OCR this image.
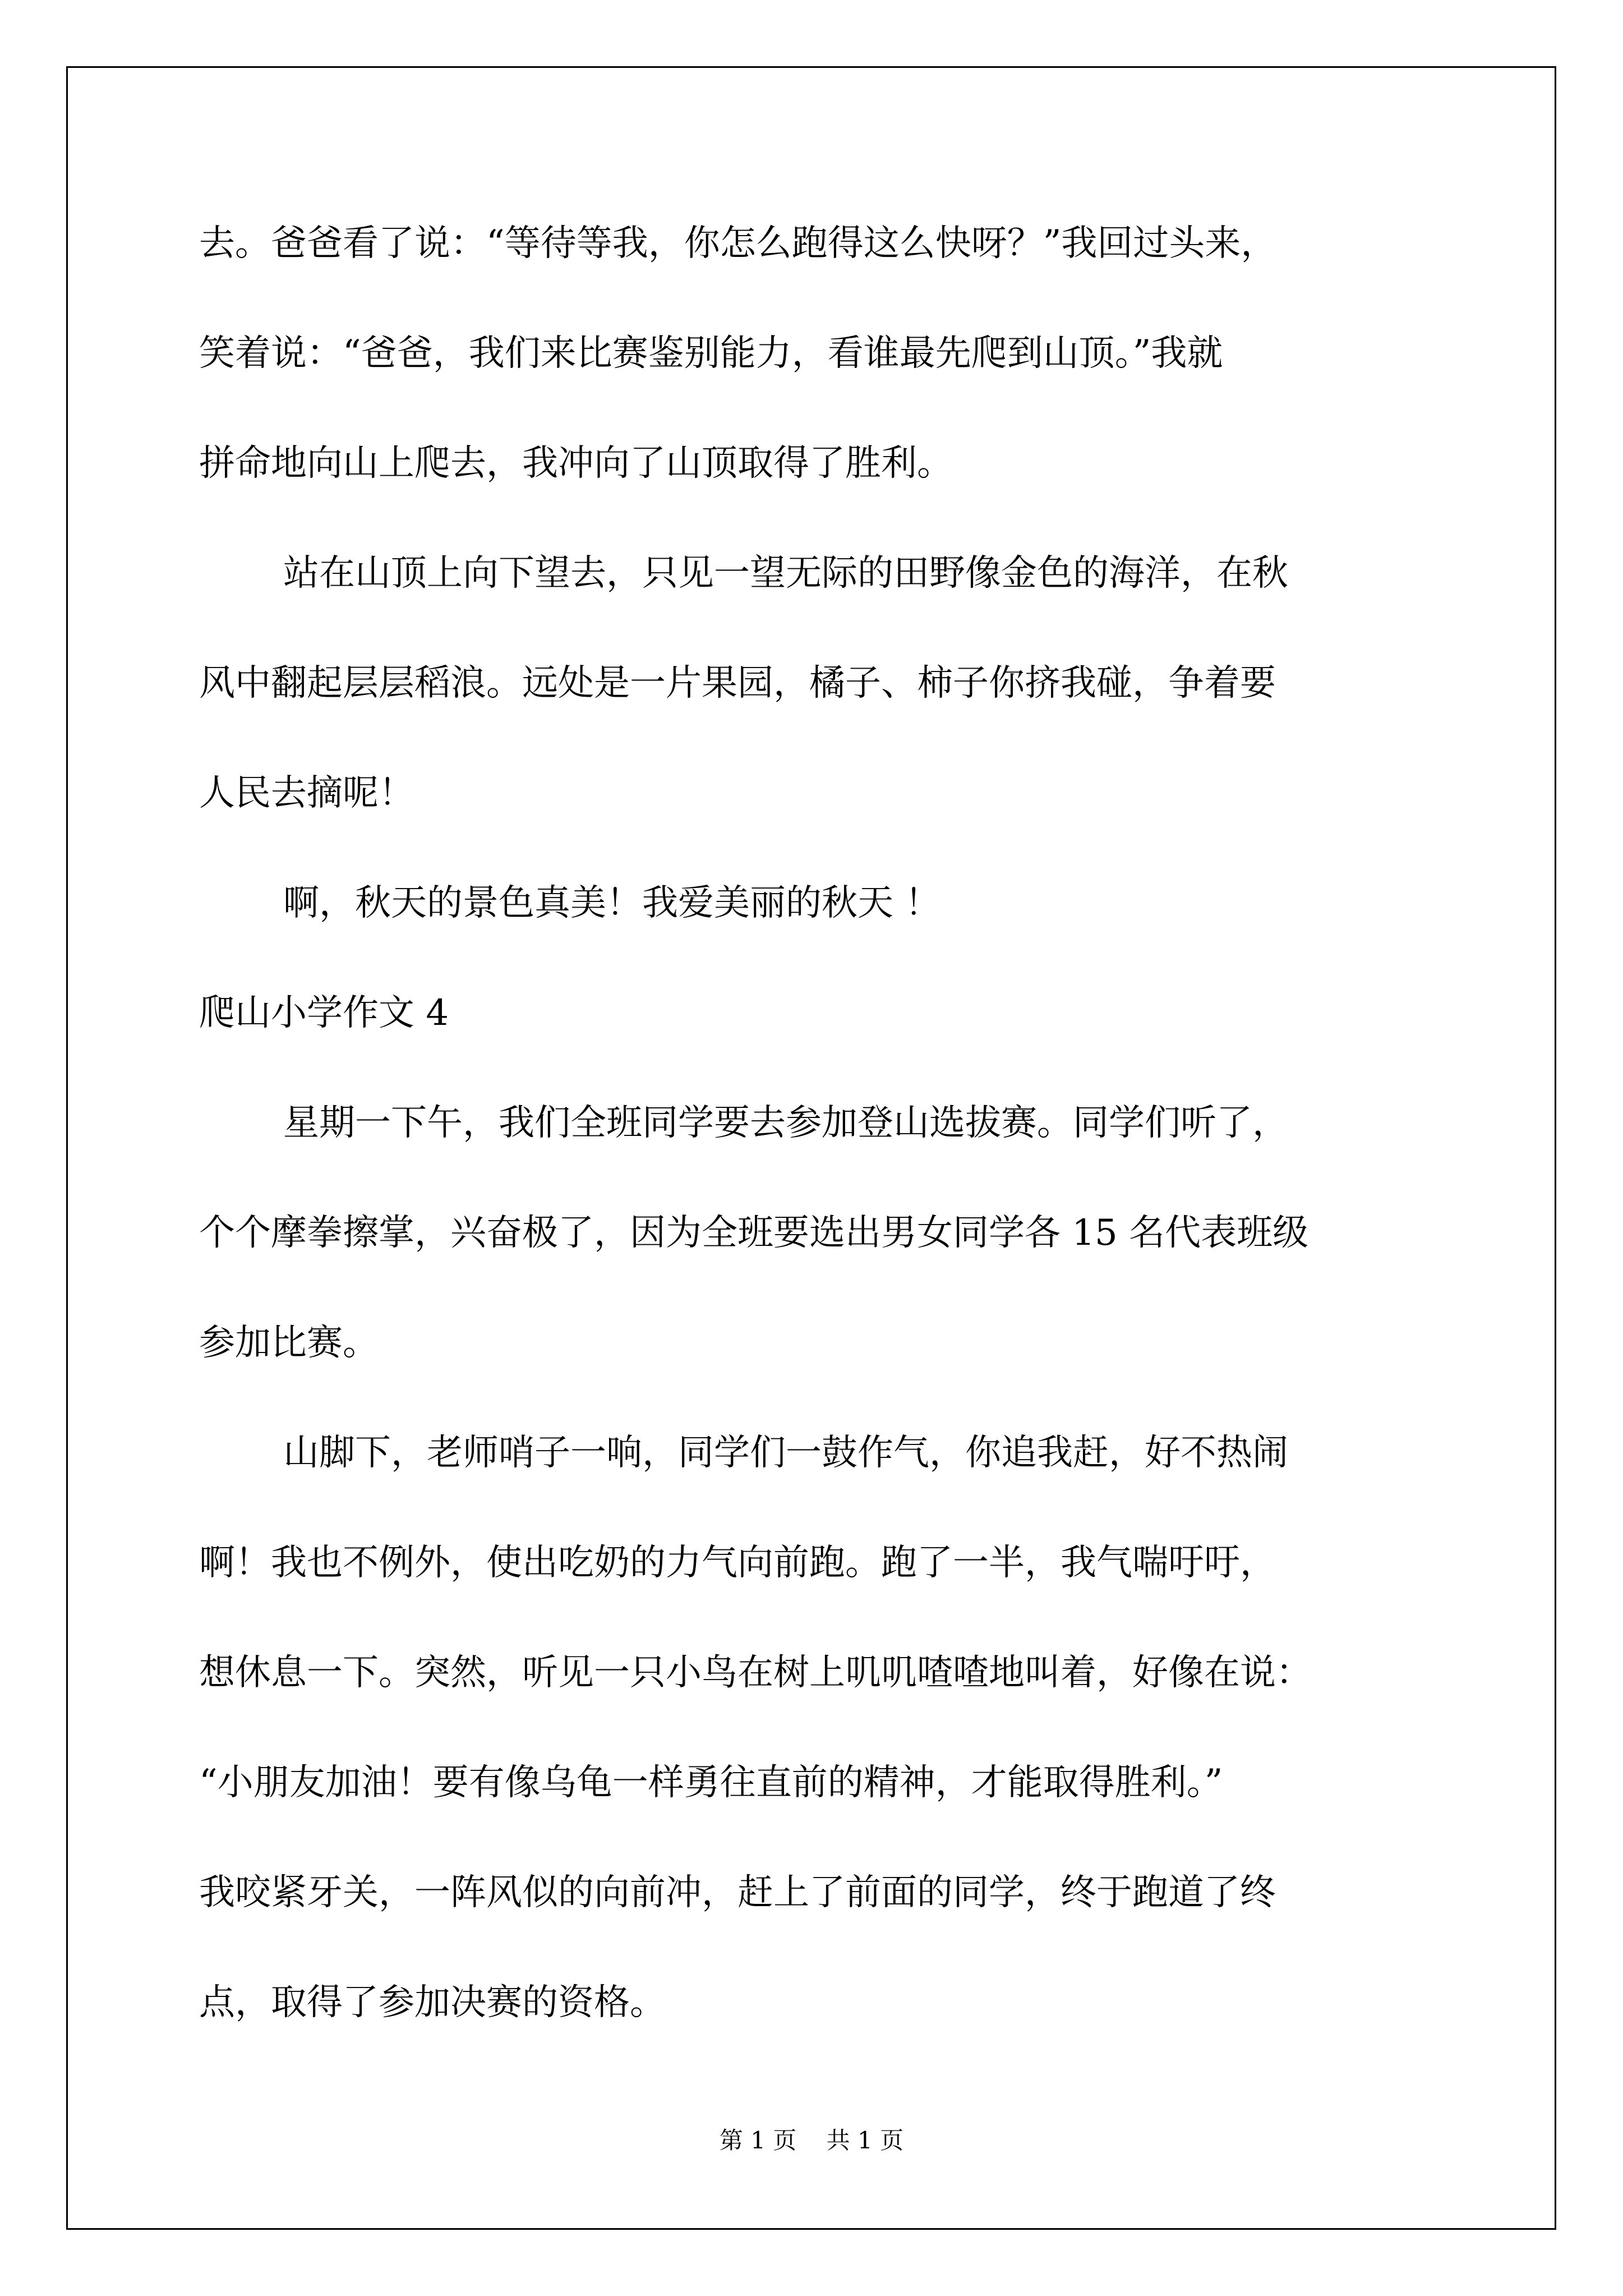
去。爸爸看了说：“等待等我，你怎么跑得这么快呀？”我回过头来，

笑着说：“爸爸，我们来比赛鉴别能力，看谁最先爬到山顶。”我就

拼命地向山上爬去，我冲向了山顶取得了胜利。

站在山顶上向下望去，只见一望无际的田野像金色的海洋，在秋

风中翻起层层稻浪。远处是一片果园，橘子、柿子你挤我碰，争着要

人民去摘呢！

啊，秋天的景色真美！我爱美丽的秋天 ！

爬山小学作文 4

星期一下午，我们全班同学要去参加登山选拔赛。同学们听了，

个个摩拳擦掌，兴奋极了，因为全班要选出男女同学各 15 名代表班级

参加比赛。

山脚下，老师哨子一响，同学们一鼓作气，你追我赶，好不热闹

啊！我也不例外，使出吃奶的力气向前跑。跑了一半，我气喘吁吁，

想休息一下。突然，听见一只小鸟在树上叽叽喳喳地叫着，好像在说：

“小朋友加油！要有像乌龟一样勇往直前的精神，才能取得胜利。”

我咬紧牙关，一阵风似的向前冲，赶上了前面的同学，终于跑道了终

点，取得了参加决赛的资格。

第 1 页 共 1 页
